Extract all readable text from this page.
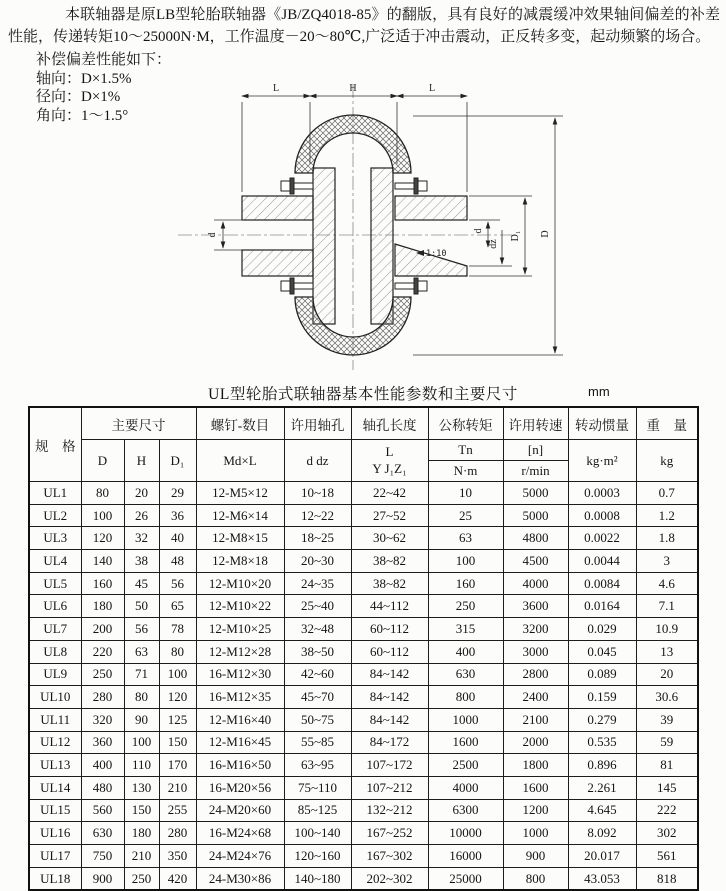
本联轴器是原LB型轮胎联轴器《JB/ZQ4018-85》的翻版，具有良好的减震缓冲效果轴间偏差的补差性能，传递转矩10～25000N·M，工作温度－20～80℃,广泛适于冲击震动，正反转多变，起动频繁的场合。

补偿偏差性能如下：
轴向：D×1.5%
径向：D×1%
角向：1～1.5°
L	H	L
d
d
dz
D₁ D
1:10
UL型轮胎式联轴器基本性能参数和主要尺寸	mm
规　格	主要尺寸			螺钉-数目	许用轴孔	轴孔长度	公称转矩	许用转速	转动惯量	重　量
	D	H	D₁	Md×L	d dz	L
Y J₁Z₁	Tn	[n]	kg·m²	kg
							N·m	r/min		
UL1	80	20	29	12-M5×12	10~18	22~42	10	5000	0.0003	0.7
UL2	100	26	36	12-M6×14	12~22	27~52	25	5000	0.0008	1.2
UL3	120	32	40	12-M8×15	18~25	30~62	63	4800	0.0022	1.8
UL4	140	38	48	12-M8×18	20~30	38~82	100	4500	0.0044	3
UL5	160	45	56	12-M10×20	24~35	38~82	160	4000	0.0084	4.6
UL6	180	50	65	12-M10×22	25~40	44~112	250	3600	0.0164	7.1
UL7	200	56	78	12-M10×25	32~48	60~112	315	3200	0.029	10.9
UL8	220	63	80	12-M12×28	38~50	60~112	400	3000	0.045	13
UL9	250	71	100	16-M12×30	42~60	84~142	630	2800	0.089	20
UL10	280	80	120	16-M12×35	45~70	84~142	800	2400	0.159	30.6
UL11	320	90	125	12-M16×40	50~75	84~142	1000	2100	0.279	39
UL12	360	100	150	12-M16×45	55~85	84~172	1600	2000	0.535	59
UL13	400	110	170	16-M16×50	63~95	107~172	2500	1800	0.896	81
UL14	480	130	210	16-M20×56	75~110	107~212	4000	1600	2.261	145
UL15	560	150	255	24-M20×60	85~125	132~212	6300	1200	4.645	222
UL16	630	180	280	16-M24×68	100~140	167~252	10000	1000	8.092	302
UL17	750	210	350	24-M24×76	120~160	167~302	16000	900	20.017	561
UL18	900	250	420	24-M30×86	140~180	202~302	25000	800	43.053	818
